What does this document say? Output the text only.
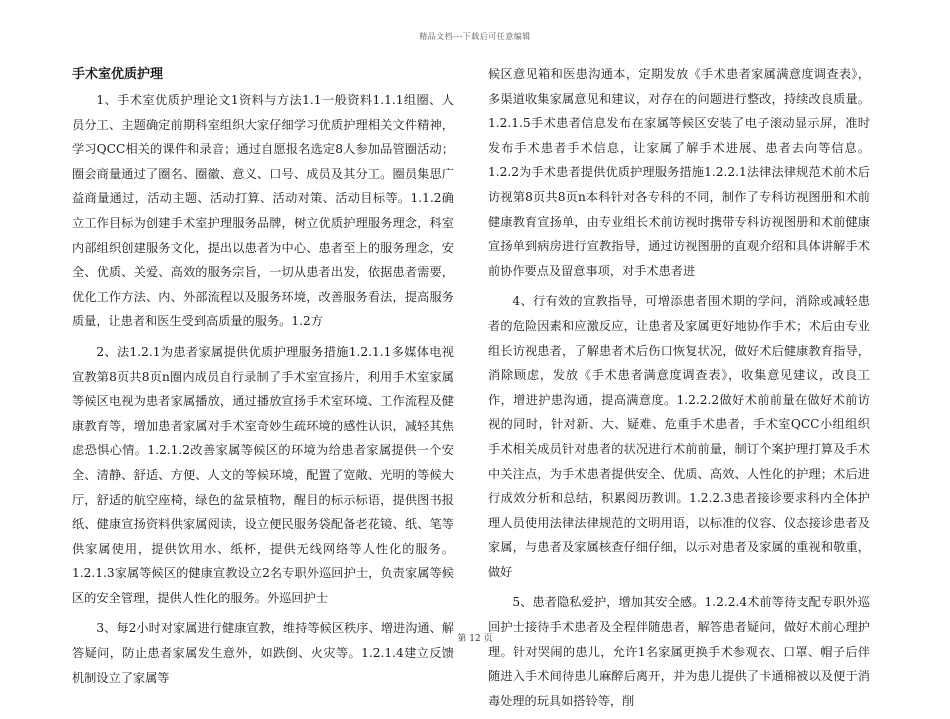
精品文档---下载后可任意编辑
手术室优质护理

1、手术室优质护理论文1资料与方法1.1一般资料1.1.1组圈、人员分工、主题确定前期科室组织大家仔细学习优质护理相关文件精神，学习QCC相关的课件和录音；通过自愿报名选定8人参加品管圈活动；圈会商量通过了圈名、圈徽、意义、口号、成员及其分工。圈员集思广益商量通过，活动主题、活动打算、活动对策、活动目标等。1.1.2确立工作目标为创建手术室护理服务品牌，树立优质护理服务理念，科室内部组织创建服务文化，提出以患者为中心、患者至上的服务理念，安全、优质、关爱、高效的服务宗旨，一切从患者出发，依据患者需要，优化工作方法、内、外部流程以及服务环境，改善服务看法，提高服务质量，让患者和医生受到高质量的服务。1.2方

2、法1.2.1为患者家属提供优质护理服务措施1.2.1.1多媒体电视宣教第8页共8页n圈内成员自行录制了手术室宣扬片，利用手术室家属等候区电视为患者家属播放，通过播放宣扬手术室环境、工作流程及健康教育等，增加患者家属对手术室奇妙生疏环境的感性认识，减轻其焦虑恐惧心情。1.2.1.2改善家属等候区的环境为给患者家属提供一个安全、清静、舒适、方便、人文的等候环境，配置了宽敞、光明的等候大厅，舒适的航空座椅，绿色的盆景植物，醒目的标示标语，提供图书报纸、健康宣扬资料供家属阅读，设立便民服务袋配备老花镜、纸、笔等供家属使用，提供饮用水、纸杯，提供无线网络等人性化的服务。1.2.1.3家属等候区的健康宣教设立2名专职外巡回护士，负责家属等候区的安全管理，提供人性化的服务。外巡回护士

3、每2小时对家属进行健康宣教，维持等候区秩序、增进沟通、解答疑问，防止患者家属发生意外，如跌倒、火灾等。1.2.1.4建立反馈机制设立了家属等

候区意见箱和医患沟通本，定期发放《手术患者家属满意度调查表》，多渠道收集家属意见和建议，对存在的问题进行整改，持续改良质量。1.2.1.5手术患者信息发布在家属等候区安装了电子滚动显示屏，准时发布手术患者手术信息，让家属了解手术进展、患者去向等信息。1.2.2为手术患者提供优质护理服务措施1.2.2.1法律法律规范术前术后访视第8页共8页n本科针对各专科的不同，制作了专科访视图册和术前健康教育宣扬单，由专业组长术前访视时携带专科访视图册和术前健康宣扬单到病房进行宣教指导，通过访视图册的直观介绍和具体讲解手术前协作要点及留意事项，对手术患者进

4、行有效的宣教指导，可增添患者围术期的学问，消除或减轻患者的危险因素和应激反应，让患者及家属更好地协作手术；术后由专业组长访视患者，了解患者术后伤口恢复状况，做好术后健康教育指导，消除顾虑，发放《手术患者满意度调查表》，收集意见建议，改良工作，增进护患沟通，提高满意度。1.2.2.2做好术前前量在做好术前访视的同时，针对新、大、疑难、危重手术患者，手术室QCC小组组织手术相关成员针对患者的状况进行术前前量，制订个案护理打算及手术中关注点，为手术患者提供安全、优质、高效、人性化的护理；术后进行成效分析和总结，积累阅历教训。1.2.2.3患者接诊要求科内全体护理人员使用法律法律规范的文明用语，以标准的仪容、仪态接诊患者及家属，与患者及家属核查仔细仔细，以示对患者及家属的重视和敬重，做好

5、患者隐私爱护，增加其安全感。1.2.2.4术前等待支配专职外巡回护士接待手术患者及全程伴随患者，解答患者疑问，做好术前心理护理。针对哭闹的患儿，允许1名家属更换手术参观衣、口罩、帽子后伴随进入手术间待患儿麻醉后离开，并为患儿提供了卡通棉被以及便于消毒处理的玩具如搭铃等，削

第 12 页
